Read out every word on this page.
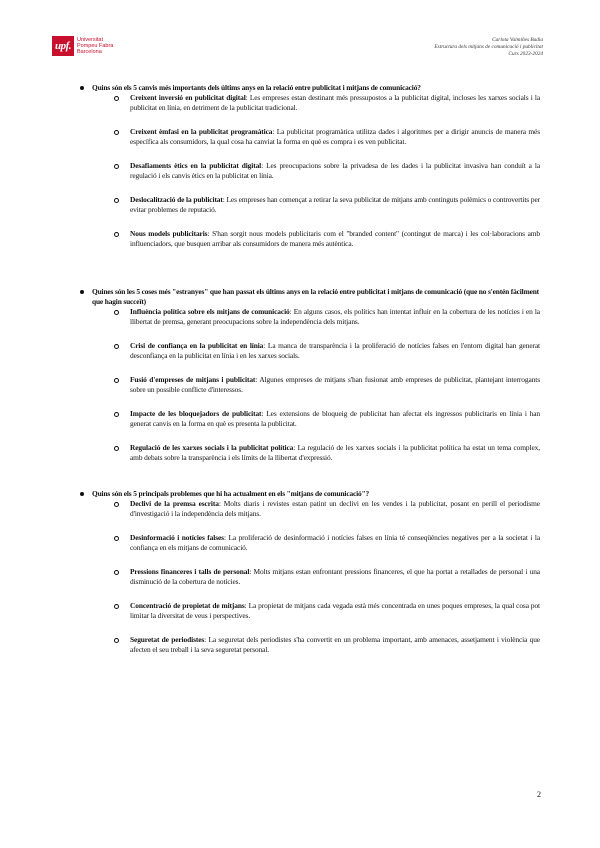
upf.	Universitat
Pompeu Fabra
Barcelona
Carlota Valmiñes Badia
Estructura dels mitjans de comunicació i publicitat
Curs 2023-2024
Quins són els 5 canvis més importants dels últims anys en la relació entre publicitat i mitjans de comunicació?
Creixent inversió en publicitat digital: Les empreses estan destinant més pressupostos a la publicitat digital, incloses les xarxes socials i la publicitat en línia, en detriment de la publicitat tradicional.
Creixent èmfasi en la publicitat programàtica: La publicitat programàtica utilitza dades i algoritmes per a dirigir anuncis de manera més específica als consumidors, la qual cosa ha canviat la forma en què es compra i es ven publicitat.
Desafiaments ètics en la publicitat digital: Les preocupacions sobre la privadesa de les dades i la publicitat invasiva han conduït a la regulació i els canvis ètics en la publicitat en línia.
Deslocalització de la publicitat: Les empreses han començat a retirar la seva publicitat de mitjans amb continguts polèmics o controvertits per evitar problemes de reputació.
Nous models publicitaris: S'han sorgit nous models publicitaris com el "branded content" (contingut de marca) i les col·laboracions amb influenciadors, que busquen arribar als consumidors de manera més autèntica.
Quines són les 5 coses més "estranyes" que han passat els últims anys en la relació entre publicitat i mitjans de comunicació (que no s'entén fàcilment que hagin succeït)
Influència política sobre els mitjans de comunicació: En alguns casos, els polítics han intentat influir en la cobertura de les notícies i en la llibertat de premsa, generant preocupacions sobre la independència dels mitjans.
Crisi de confiança en la publicitat en línia: La manca de transparència i la proliferació de notícies falses en l'entorn digital han generat desconfiança en la publicitat en línia i en les xarxes socials.
Fusió d'empreses de mitjans i publicitat: Algunes empreses de mitjans s'han fusionat amb empreses de publicitat, plantejant interrogants sobre un possible conflicte d'interessos.
Impacte de les bloquejadors de publicitat: Les extensions de bloqueig de publicitat han afectat els ingressos publicitaris en línia i han generat canvis en la forma en què es presenta la publicitat.
Regulació de les xarxes socials i la publicitat política: La regulació de les xarxes socials i la publicitat política ha estat un tema complex, amb debats sobre la transparència i els límits de la llibertat d'expressió.
Quins són els 5 principals problemes que hi ha actualment en els "mitjans de comunicació"?
Declivi de la premsa escrita: Molts diaris i revistes estan patint un declivi en les vendes i la publicitat, posant en perill el periodisme d'investigació i la independència dels mitjans.
Desinformació i notícies falses: La proliferació de desinformació i notícies falses en línia té conseqüències negatives per a la societat i la confiança en els mitjans de comunicació.
Pressions financeres i talls de personal: Molts mitjans estan enfrontant pressions financeres, el que ha portat a retallades de personal i una disminució de la cobertura de notícies.
Concentració de propietat de mitjans: La propietat de mitjans cada vegada està més concentrada en unes poques empreses, la qual cosa pot limitar la diversitat de veus i perspectives.
Seguretat de periodistes: La seguretat dels periodistes s'ha convertit en un problema important, amb amenaces, assetjament i violència que afecten el seu treball i la seva seguretat personal.
2
